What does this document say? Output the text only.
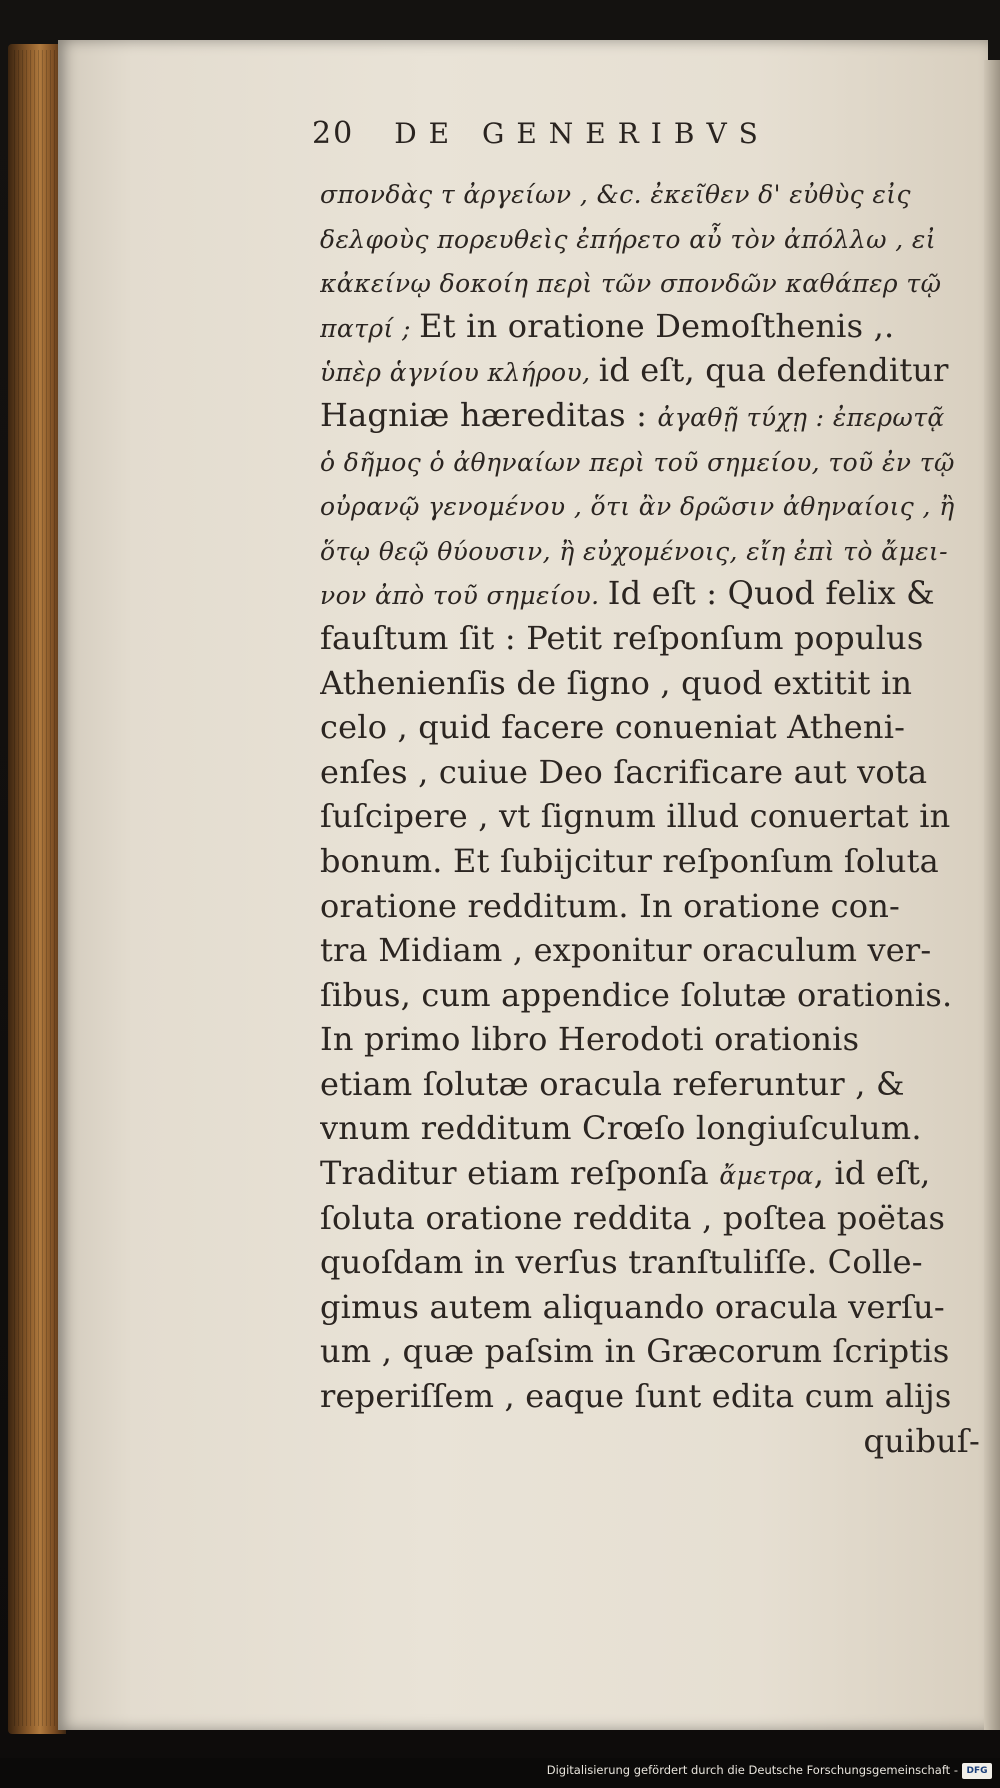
20 DE GENERIBVS
σπονδὰς τ ἀργείων , &c. ἐκεῖθεν δ' εὐθὺς εἰς
δελφοὺς πορευθεὶς ἐπήρετο αὖ τὸν ἀπόλλω , εἰ
κἀκείνῳ δοκοίη περὶ τῶν σπονδῶν καθάπερ τῷ
πατρί ; Et in oratione Demoſthenis ,.
ὑπὲρ ἁγνίου κλήρου, id eſt, qua defenditur
Hagniæ hæreditas : ἀγαθῇ τύχῃ : ἐπερωτᾷ
ὁ δῆμος ὁ ἀθηναίων περὶ τοῦ σημείου, τοῦ ἐν τῷ
οὐρανῷ γενομένου , ὅτι ἂν δρῶσιν ἀθηναίοις , ἢ
ὅτῳ θεῷ θύουσιν, ἢ εὐχομένοις, εἴη ἐπὶ τὸ ἄμει-
νον ἀπὸ τοῦ σημείου. Id eſt : Quod felix &
fauſtum ſit : Petit reſponſum populus
Athenienſis de ſigno , quod extitit in
celo , quid facere conueniat Atheni-
enſes , cuiue Deo ſacrificare aut vota
ſuſcipere , vt ſignum illud conuertat in
bonum. Et ſubijcitur reſponſum ſoluta
oratione redditum. In oratione con-
tra Midiam , exponitur oraculum ver-
ſibus, cum appendice ſolutæ orationis.
In primo libro Herodoti orationis
etiam ſolutæ oracula referuntur , &
vnum redditum Crœſo longiuſculum.
Traditur etiam reſponſa ἄμετρα, id eſt,
ſoluta oratione reddita , poſtea poëtas
quoſdam in verſus tranſtuliſſe. Colle-
gimus autem aliquando oracula verſu-
um , quæ paſsim in Græcorum ſcriptis
reperiſſem , eaque ſunt edita cum alijs
quibuſ-
Digitalisierung gefördert durch die Deutsche Forschungsgemeinschaft - DFG
